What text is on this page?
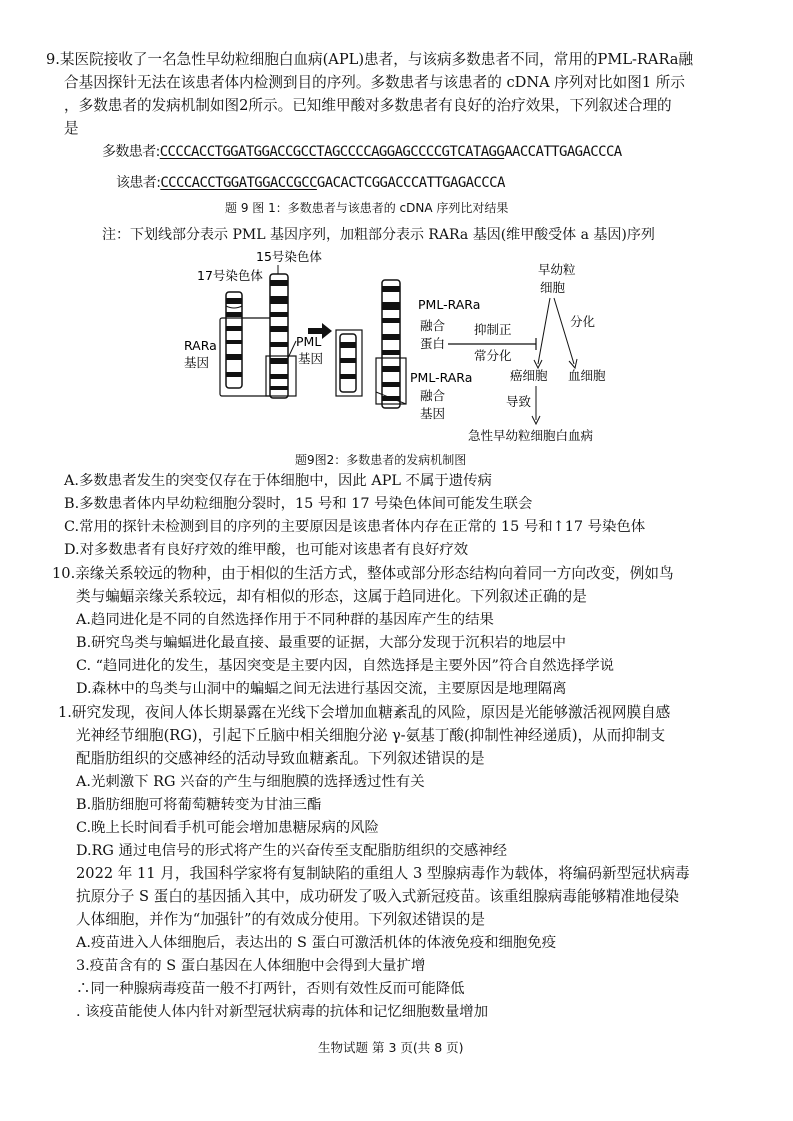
9.某医院接收了一名急性早幼粒细胞白血病(APL)患者，与该病多数患者不同，常用的PML-RARa融
合基因探针无法在该患者体内检测到目的序列。多数患者与该患者的 cDNA 序列对比如图1 所示
，多数患者的发病机制如图2所示。已知维甲酸对多数患者有良好的治疗效果，下列叙述合理的
是
多数患者:CCCCACCTGGATGGACCGCCTAGCCCCAGGAGCCCCGTCATAGGAACCATTGAGACCCA
该患者:CCCCACCTGGATGGACCGCCGACACTCGGACCCATTGAGACCCA
题 9 图 1：多数患者与该患者的 cDNA 序列比对结果
注：下划线部分表示 PML 基因序列，加粗部分表示 RARa 基因(维甲酸受体 a 基因)序列
15号染色体
17号染色体
RARa
基因
PML
基因
PML-RARa
融合
蛋白
抑制正
常分化
PML-RARa
融合
基因
早幼粒
细胞
分化
癌细胞 血细胞
导致
急性早幼粒细胞白血病
题9图2：多数患者的发病机制图
A.多数患者发生的突变仅存在于体细胞中，因此 APL 不属于遗传病
B.多数患者体内早幼粒细胞分裂时，15 号和 17 号染色体间可能发生联会
C.常用的探针未检测到目的序列的主要原因是该患者体内存在正常的 15 号和↑17 号染色体
D.对多数患者有良好疗效的维甲酸，也可能对该患者有良好疗效
10.亲缘关系较远的物种，由于相似的生活方式，整体或部分形态结构向着同一方向改变，例如鸟
类与蝙蝠亲缘关系较远，却有相似的形态，这属于趋同进化。下列叙述正确的是
A.趋同进化是不同的自然选择作用于不同种群的基因库产生的结果
B.研究鸟类与蝙蝠进化最直接、最重要的证据，大部分发现于沉积岩的地层中
C. “趋同进化的发生，基因突变是主要内因，自然选择是主要外因”符合自然选择学说
D.森林中的鸟类与山洞中的蝙蝠之间无法进行基因交流，主要原因是地理隔离
1.研究发现，夜间人体长期暴露在光线下会增加血糖紊乱的风险，原因是光能够激活视网膜自感
光神经节细胞(RG)，引起下丘脑中相关细胞分泌 γ-氨基丁酸(抑制性神经递质)，从而抑制支
配脂肪组织的交感神经的活动导致血糖紊乱。下列叙述错误的是
A.光刺激下 RG 兴奋的产生与细胞膜的选择透过性有关
B.脂肪细胞可将葡萄糖转变为甘油三酯
C.晚上长时间看手机可能会增加患糖尿病的风险
D.RG 通过电信号的形式将产生的兴奋传至支配脂肪组织的交感神经
2022 年 11 月，我国科学家将有复制缺陷的重组人 3 型腺病毒作为载体，将编码新型冠状病毒
抗原分子 S 蛋白的基因插入其中，成功研发了吸入式新冠疫苗。该重组腺病毒能够精准地侵染
人体细胞，并作为“加强针”的有效成分使用。下列叙述错误的是
A.疫苗进入人体细胞后，表达出的 S 蛋白可激活机体的体液免疫和细胞免疫
3.疫苗含有的 S 蛋白基因在人体细胞中会得到大量扩增
∴同一种腺病毒疫苗一般不打两针，否则有效性反而可能降低
. 该疫苗能使人体内针对新型冠状病毒的抗体和记忆细胞数量增加
生物试题 第 3 页(共 8 页)
